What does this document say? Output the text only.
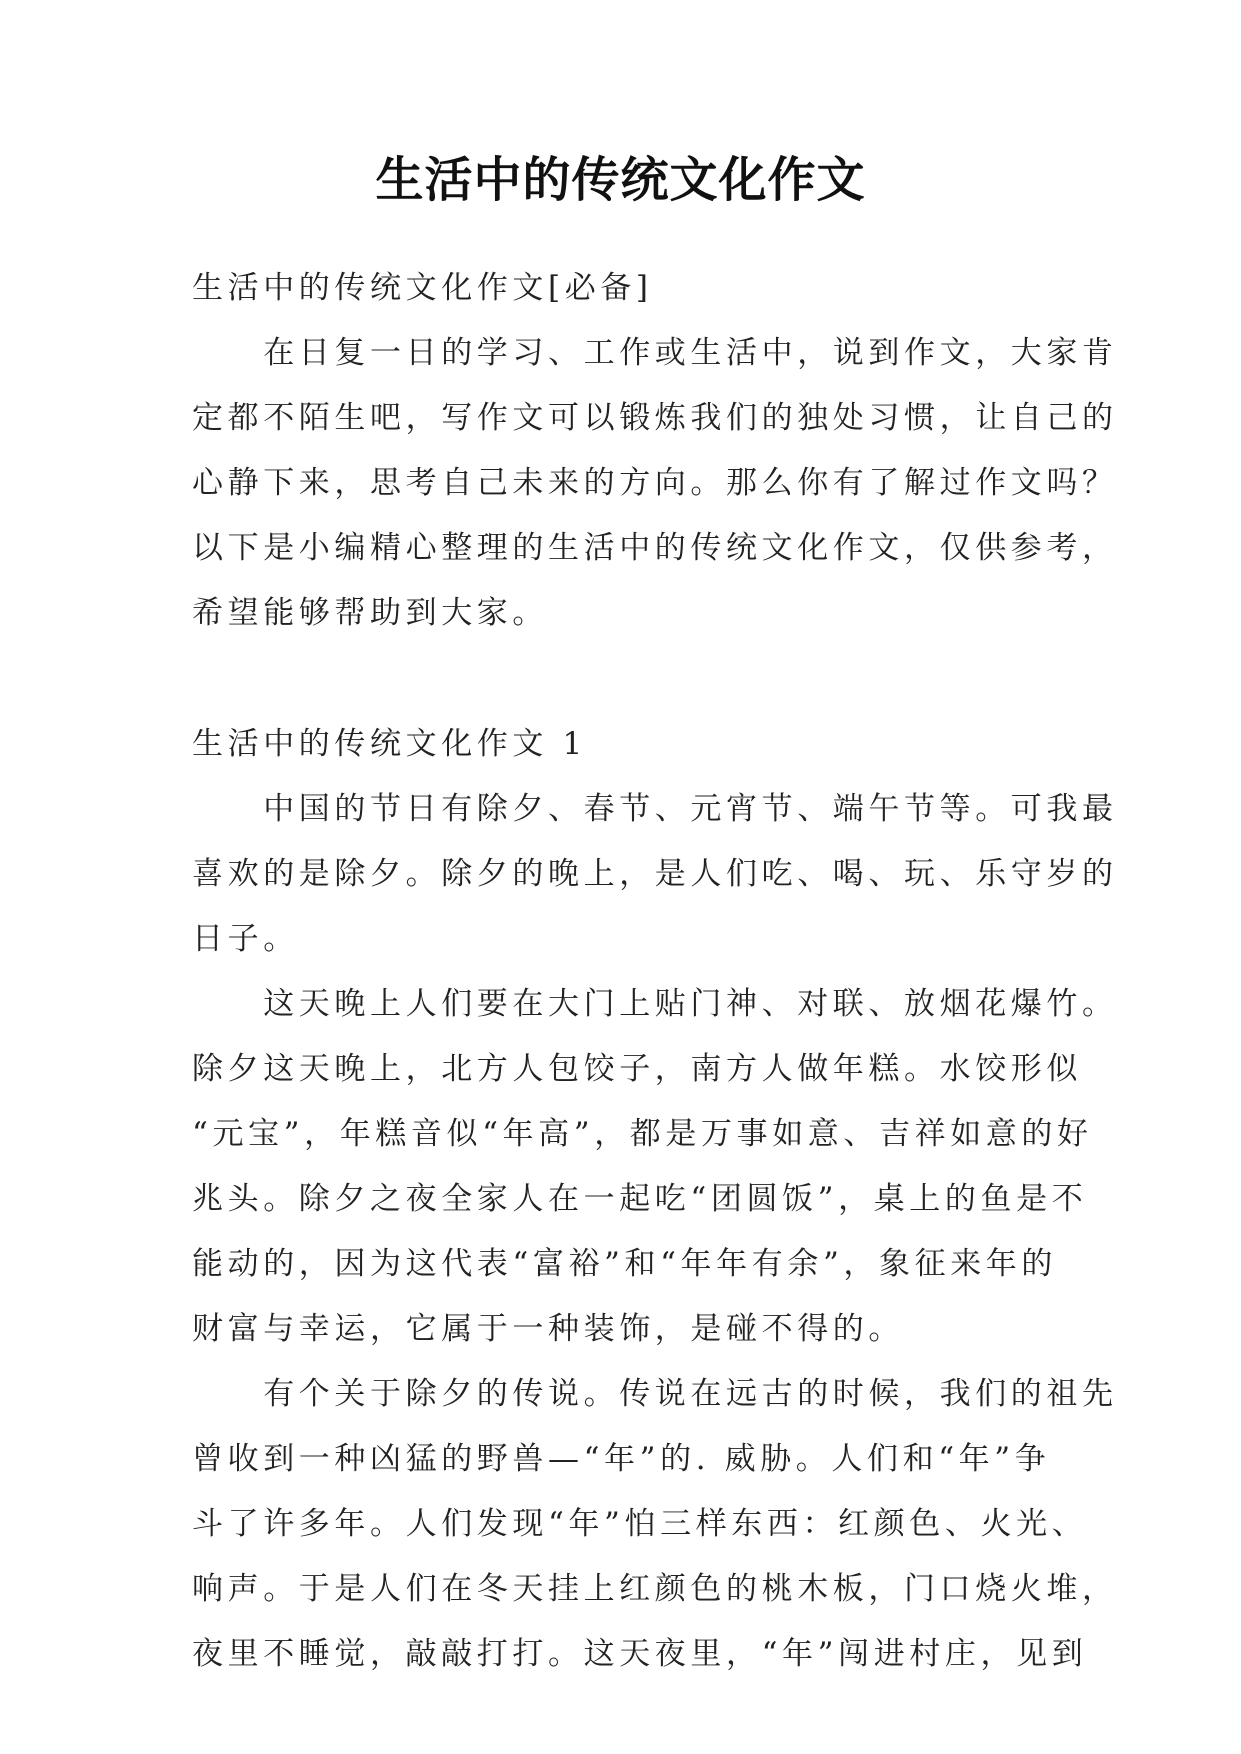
生活中的传统文化作文
生活中的传统文化作文[必备]
　　在日复一日的学习、工作或生活中，说到作文，大家肯
定都不陌生吧，写作文可以锻炼我们的独处习惯，让自己的
心静下来，思考自己未来的方向。那么你有了解过作文吗？
以下是小编精心整理的生活中的传统文化作文，仅供参考，
希望能够帮助到大家。
生活中的传统文化作文 1
　　中国的节日有除夕、春节、元宵节、端午节等。可我最
喜欢的是除夕。除夕的晚上，是人们吃、喝、玩、乐守岁的
日子。
　　这天晚上人们要在大门上贴门神、对联、放烟花爆竹。
除夕这天晚上，北方人包饺子，南方人做年糕。水饺形似
“元宝”，年糕音似“年高”，都是万事如意、吉祥如意的好
兆头。除夕之夜全家人在一起吃“团圆饭”，桌上的鱼是不
能动的，因为这代表“富裕”和“年年有余”，象征来年的
财富与幸运，它属于一种装饰，是碰不得的。
　　有个关于除夕的传说。传说在远古的时候，我们的祖先
曾收到一种凶猛的野兽—“年”的. 威胁。人们和“年”争
斗了许多年。人们发现“年”怕三样东西：红颜色、火光、
响声。于是人们在冬天挂上红颜色的桃木板，门口烧火堆，
夜里不睡觉，敲敲打打。这天夜里，“年”闯进村庄，见到
